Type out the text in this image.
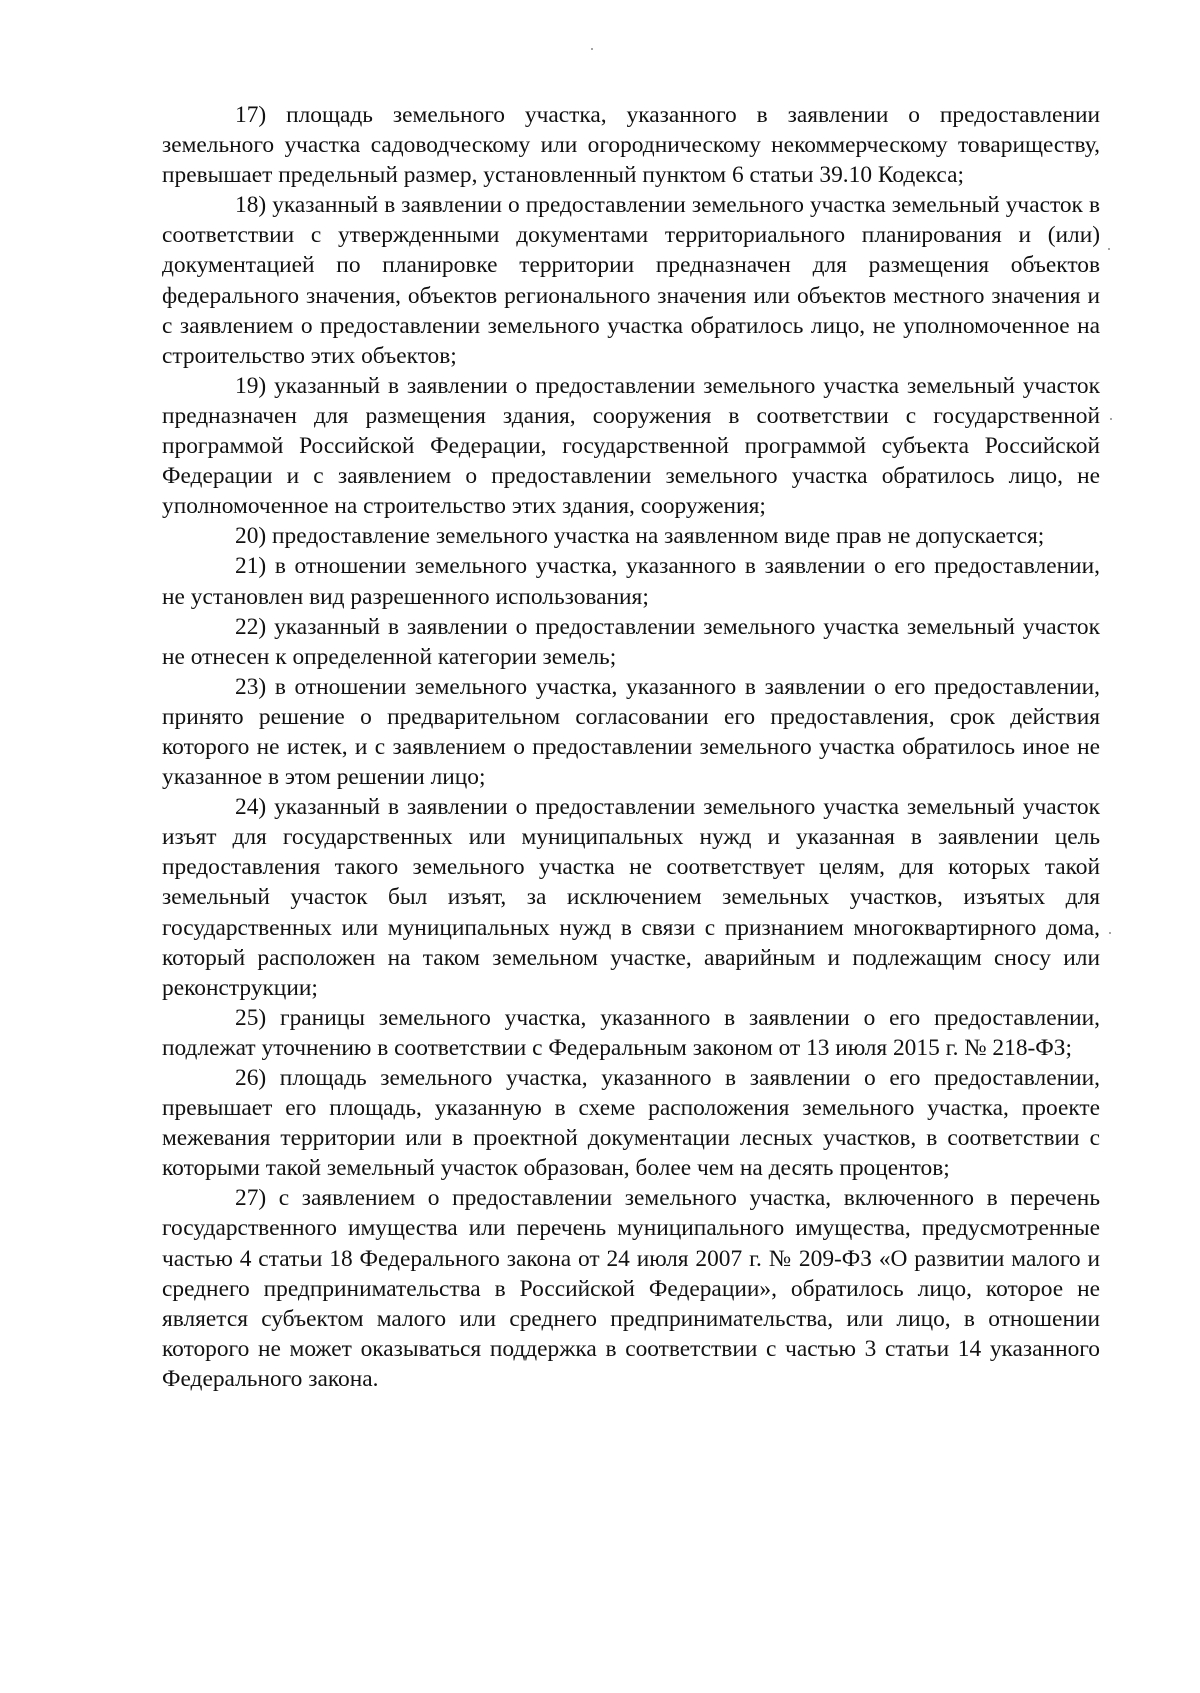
17) площадь земельного участка, указанного в заявлении о предоставлении земельного участка садоводческому или огородническому некоммерческому товариществу, превышает предельный размер, установленный пунктом 6 статьи 39.10 Кодекса;

18) указанный в заявлении о предоставлении земельного участка земельный участок в соответствии с утвержденными документами территориального планирования и (или) документацией по планировке территории предназначен для размещения объектов федерального значения, объектов регионального значения или объектов местного значения и с заявлением о предоставлении земельного участка обратилось лицо, не уполномоченное на строительство этих объектов;

19) указанный в заявлении о предоставлении земельного участка земельный участок предназначен для размещения здания, сооружения в соответствии с государственной программой Российской Федерации, государственной программой субъекта Российской Федерации и с заявлением о предоставлении земельного участка обратилось лицо, не уполномоченное на строительство этих здания, сооружения;

20) предоставление земельного участка на заявленном виде прав не допускается;

21) в отношении земельного участка, указанного в заявлении о его предоставлении, не установлен вид разрешенного использования;

22) указанный в заявлении о предоставлении земельного участка земельный участок не отнесен к определенной категории земель;

23) в отношении земельного участка, указанного в заявлении о его предоставлении, принято решение о предварительном согласовании его предоставления, срок действия которого не истек, и с заявлением о предоставлении земельного участка обратилось иное не указанное в этом решении лицо;

24) указанный в заявлении о предоставлении земельного участка земельный участок изъят для государственных или муниципальных нужд и указанная в заявлении цель предоставления такого земельного участка не соответствует целям, для которых такой земельный участок был изъят, за исключением земельных участков, изъятых для государственных или муниципальных нужд в связи с признанием многоквартирного дома, который расположен на таком земельном участке, аварийным и подлежащим сносу или реконструкции;

25) границы земельного участка, указанного в заявлении о его предоставлении, подлежат уточнению в соответствии с Федеральным законом от 13 июля 2015 г. № 218-ФЗ;

26) площадь земельного участка, указанного в заявлении о его предоставлении, превышает его площадь, указанную в схеме расположения земельного участка, проекте межевания территории или в проектной документации лесных участков, в соответствии с которыми такой земельный участок образован, более чем на десять процентов;

27) с заявлением о предоставлении земельного участка, включенного в перечень государственного имущества или перечень муниципального имущества, предусмотренные частью 4 статьи 18 Федерального закона от 24 июля 2007 г. № 209-ФЗ «О развитии малого и среднего предпринимательства в Российской Федерации», обратилось лицо, которое не является субъектом малого или среднего предпринимательства, или лицо, в отношении которого не может оказываться поддержка в соответствии с частью 3 статьи 14 указанного Федерального закона.
